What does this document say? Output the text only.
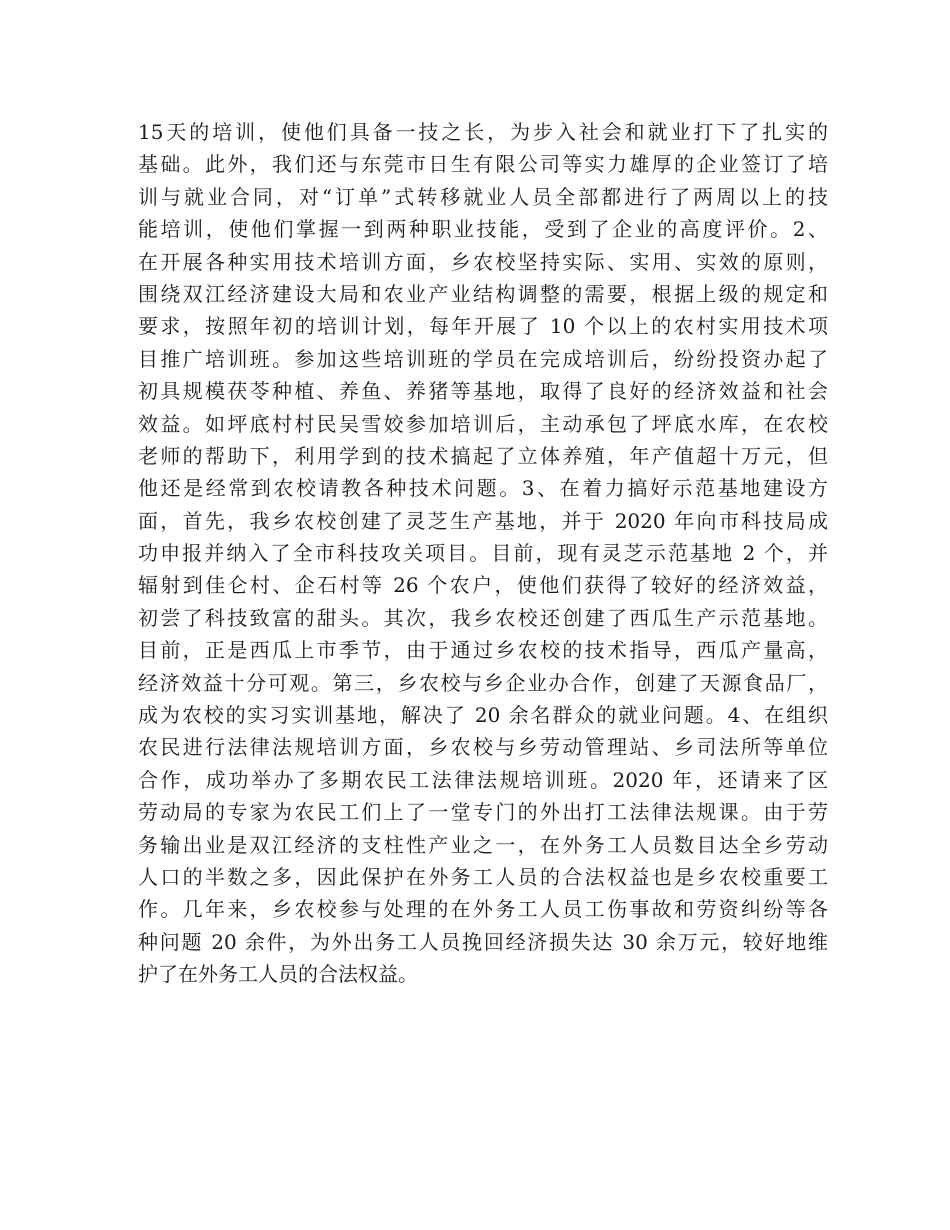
15天的培训，使他们具备一技之长，为步入社会和就业打下了扎实的
基础。此外，我们还与东莞市日生有限公司等实力雄厚的企业签订了培
训与就业合同，对“订单”式转移就业人员全部都进行了两周以上的技
能培训，使他们掌握一到两种职业技能，受到了企业的高度评价。2、
在开展各种实用技术培训方面，乡农校坚持实际、实用、实效的原则，
围绕双江经济建设大局和农业产业结构调整的需要，根据上级的规定和
要求，按照年初的培训计划，每年开展了 10 个以上的农村实用技术项
目推广培训班。参加这些培训班的学员在完成培训后，纷纷投资办起了
初具规模茯苓种植、养鱼、养猪等基地，取得了良好的经济效益和社会
效益。如坪底村村民吴雪姣参加培训后，主动承包了坪底水库，在农校
老师的帮助下，利用学到的技术搞起了立体养殖，年产值超十万元，但
他还是经常到农校请教各种技术问题。3、在着力搞好示范基地建设方
面，首先，我乡农校创建了灵芝生产基地，并于 2020 年向市科技局成
功申报并纳入了全市科技攻关项目。目前，现有灵芝示范基地 2 个，并
辐射到佳仑村、企石村等 26 个农户，使他们获得了较好的经济效益，
初尝了科技致富的甜头。其次，我乡农校还创建了西瓜生产示范基地。
目前，正是西瓜上市季节，由于通过乡农校的技术指导，西瓜产量高，
经济效益十分可观。第三，乡农校与乡企业办合作，创建了天源食品厂，
成为农校的实习实训基地，解决了 20 余名群众的就业问题。4、在组织
农民进行法律法规培训方面，乡农校与乡劳动管理站、乡司法所等单位
合作，成功举办了多期农民工法律法规培训班。2020 年，还请来了区
劳动局的专家为农民工们上了一堂专门的外出打工法律法规课。由于劳
务输出业是双江经济的支柱性产业之一，在外务工人员数目达全乡劳动
人口的半数之多，因此保护在外务工人员的合法权益也是乡农校重要工
作。几年来，乡农校参与处理的在外务工人员工伤事故和劳资纠纷等各
种问题 20 余件，为外出务工人员挽回经济损失达 30 余万元，较好地维
护了在外务工人员的合法权益。
